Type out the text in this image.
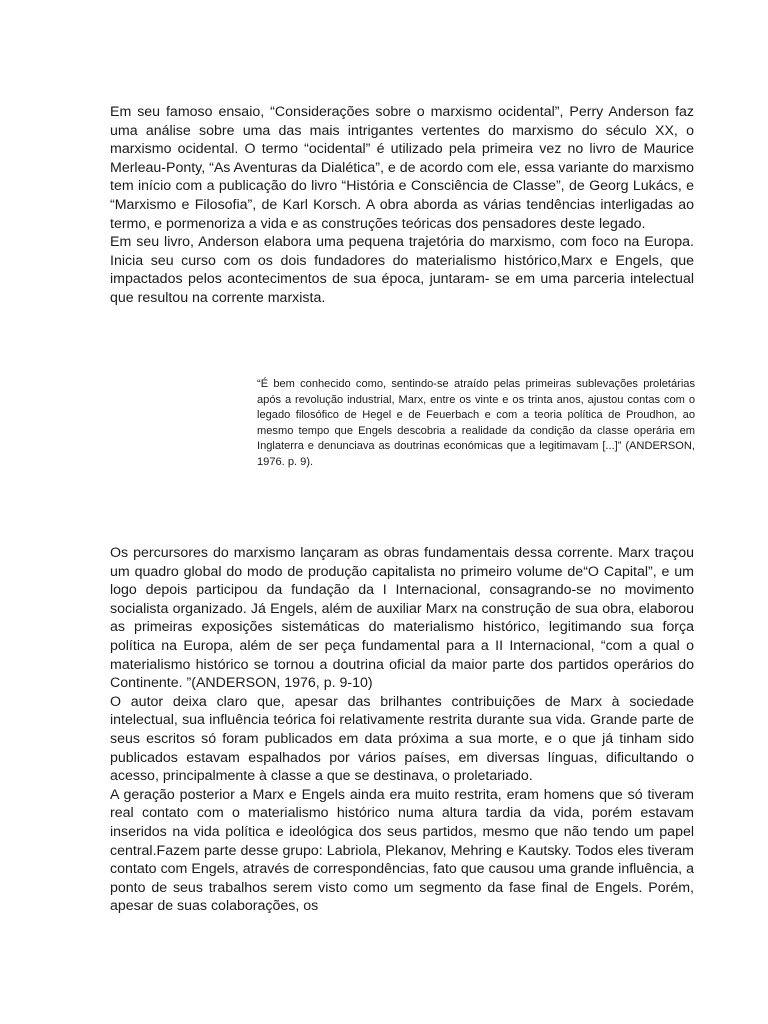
Em seu famoso ensaio, “Considerações sobre o marxismo ocidental”, Perry Anderson faz uma análise sobre uma das mais intrigantes vertentes do marxismo do século XX, o marxismo ocidental. O termo “ocidental” é utilizado pela primeira vez no livro de Maurice Merleau-Ponty, “As Aventuras da Dialética”, e de acordo com ele, essa variante do marxismo tem início com a publicação do livro “História e Consciência de Classe”, de Georg Lukács, e “Marxismo e Filosofia”, de Karl Korsch. A obra aborda as várias tendências interligadas ao termo, e pormenoriza a vida e as construções teóricas dos pensadores deste legado.

Em seu livro, Anderson elabora uma pequena trajetória do marxismo, com foco na Europa. Inicia seu curso com os dois fundadores do materialismo histórico,Marx e Engels, que impactados pelos acontecimentos de sua época, juntaram- se em uma parceria intelectual que resultou na corrente marxista.

“É bem conhecido como, sentindo-se atraído pelas primeiras sublevações proletárias após a revolução industrial, Marx, entre os vinte e os trinta anos, ajustou contas com o legado filosófico de Hegel e de Feuerbach e com a teoria política de Proudhon, ao mesmo tempo que Engels descobria a realidade da condição da classe operária em Inglaterra e denunciava as doutrinas económicas que a legitimavam [...]” (ANDERSON, 1976. p. 9).

Os percursores do marxismo lançaram as obras fundamentais dessa corrente. Marx traçou um quadro global do modo de produção capitalista no primeiro volume de“O Capital”, e um logo depois participou da fundação da I Internacional, consagrando-se no movimento socialista organizado. Já Engels, além de auxiliar Marx na construção de sua obra, elaborou as primeiras exposições sistemáticas do materialismo histórico, legitimando sua força política na Europa, além de ser peça fundamental para a II Internacional, “com a qual o materialismo histórico se tornou a doutrina oficial da maior parte dos partidos operários do Continente. ”(ANDERSON, 1976, p. 9-10)

O autor deixa claro que, apesar das brilhantes contribuições de Marx à sociedade intelectual, sua influência teórica foi relativamente restrita durante sua vida. Grande parte de seus escritos só foram publicados em data próxima a sua morte, e o que já tinham sido publicados estavam espalhados por vários países, em diversas línguas, dificultando o acesso, principalmente à classe a que se destinava, o proletariado.

A geração posterior a Marx e Engels ainda era muito restrita, eram homens que só tiveram real contato com o materialismo histórico numa altura tardia da vida, porém estavam inseridos na vida política e ideológica dos seus partidos, mesmo que não tendo um papel central.Fazem parte desse grupo: Labriola, Plekanov, Mehring e Kautsky. Todos eles tiveram contato com Engels, através de correspondências, fato que causou uma grande influência, a ponto de seus trabalhos serem visto como um segmento da fase final de Engels. Porém, apesar de suas colaborações, os
